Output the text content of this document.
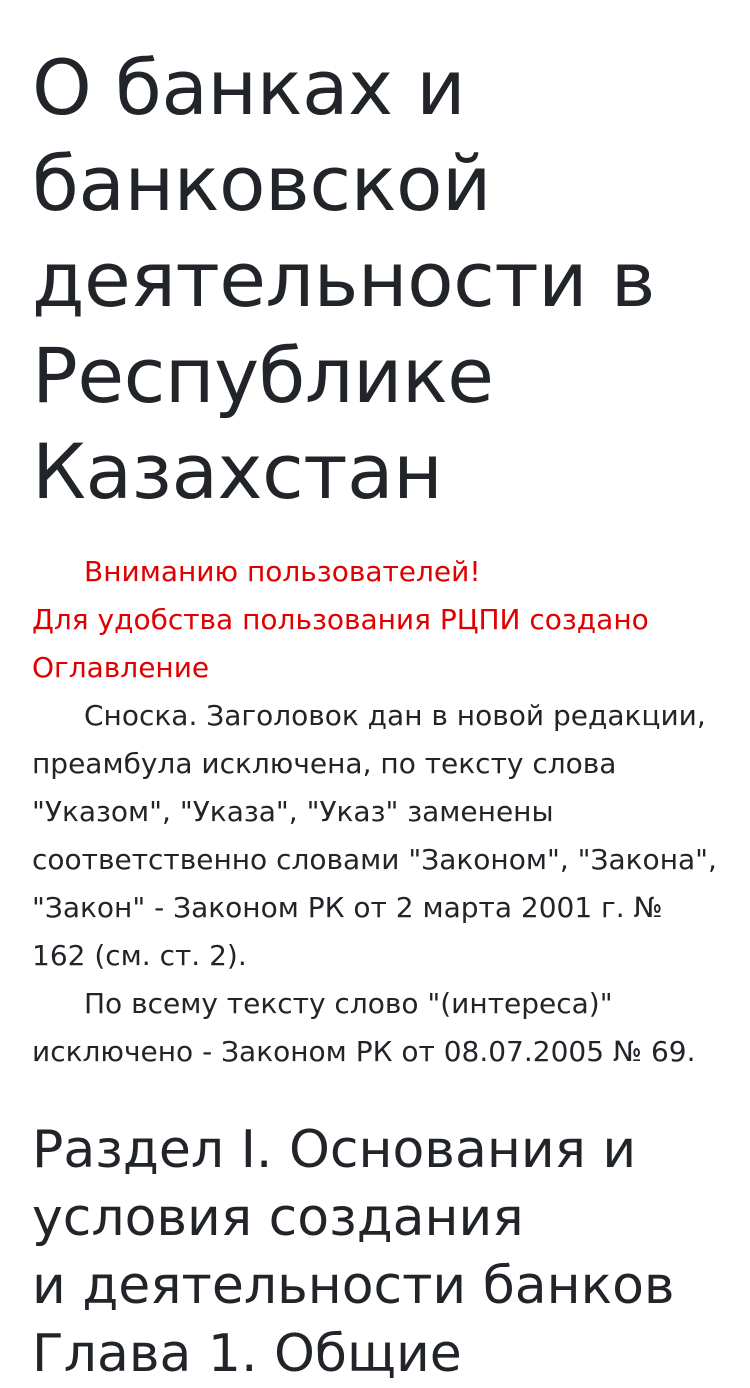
О банках и банковской деятельности в Республике Казахстан

Вниманию пользователей!

Для удобства пользования РЦПИ создано Оглавление

Сноска. Заголовок дан в новой редакции, преамбула исключена, по тексту слова "Указом", "Указа", "Указ" заменены соответственно словами "Законом", "Закона", "Закон" - Законом РК от 2 марта 2001 г. № 162 (см. ст. 2).

По всему тексту слово "(интереса)" исключено - Законом РК от 08.07.2005 № 69.

Раздел I. Основания и условия создания
и деятельности банков
Глава 1. Общие
